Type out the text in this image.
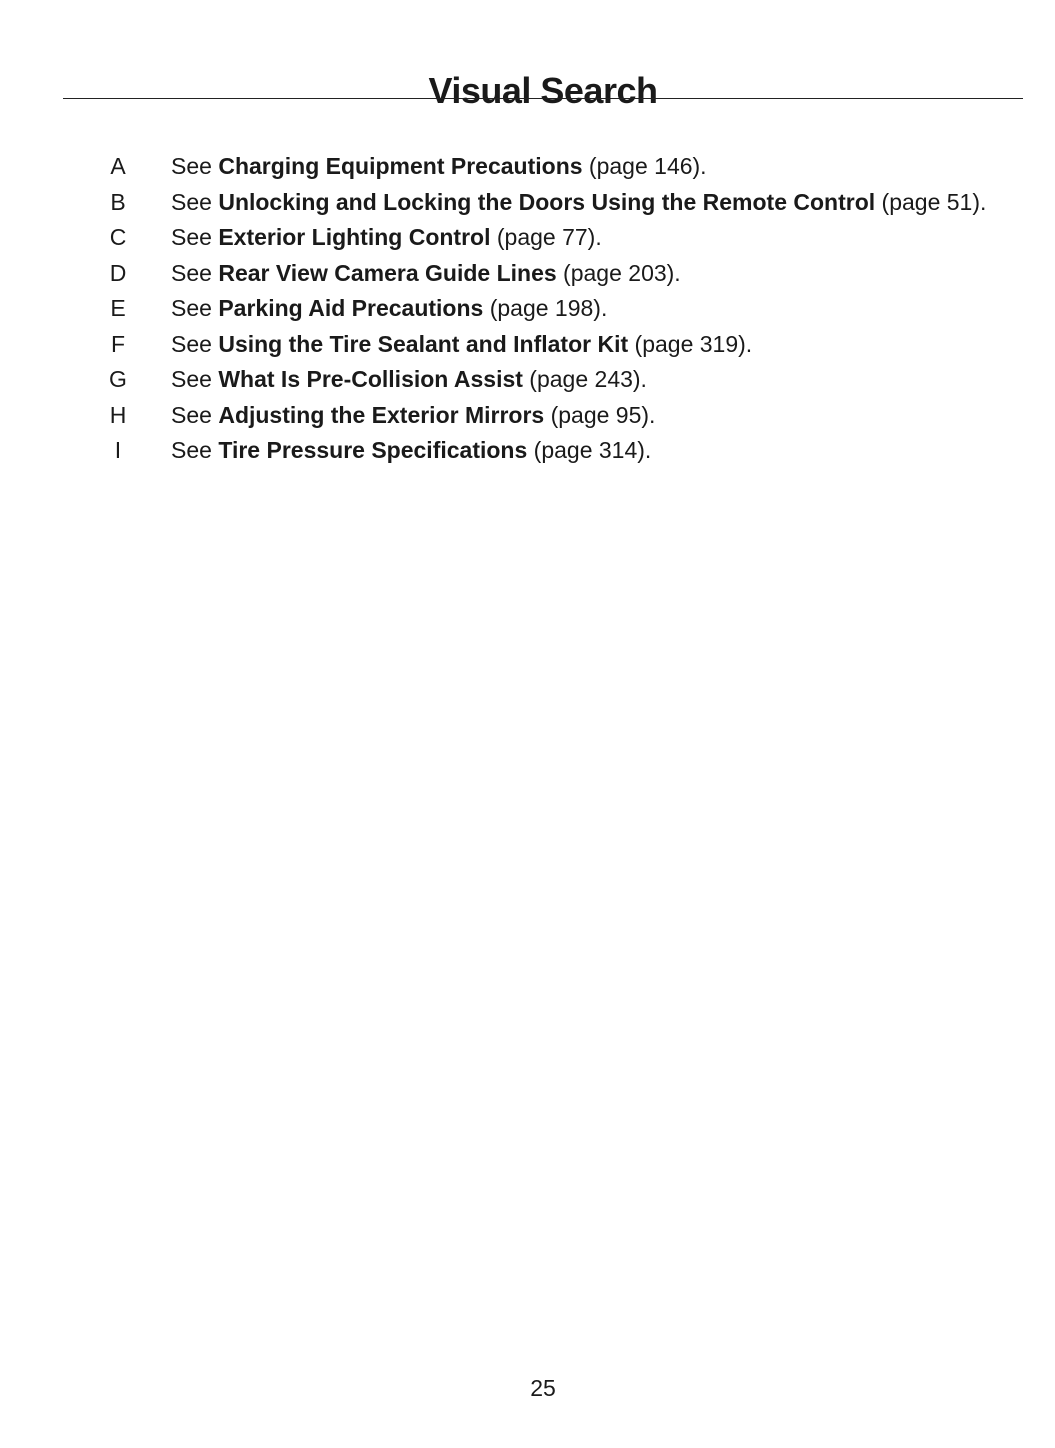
Visual Search
A	See Charging Equipment Precautions (page 146).
B	See Unlocking and Locking the Doors Using the Remote Control (page 51).
C	See Exterior Lighting Control (page 77).
D	See Rear View Camera Guide Lines (page 203).
E	See Parking Aid Precautions (page 198).
F	See Using the Tire Sealant and Inflator Kit (page 319).
G	See What Is Pre-Collision Assist (page 243).
H	See Adjusting the Exterior Mirrors (page 95).
I	See Tire Pressure Specifications (page 314).
25
